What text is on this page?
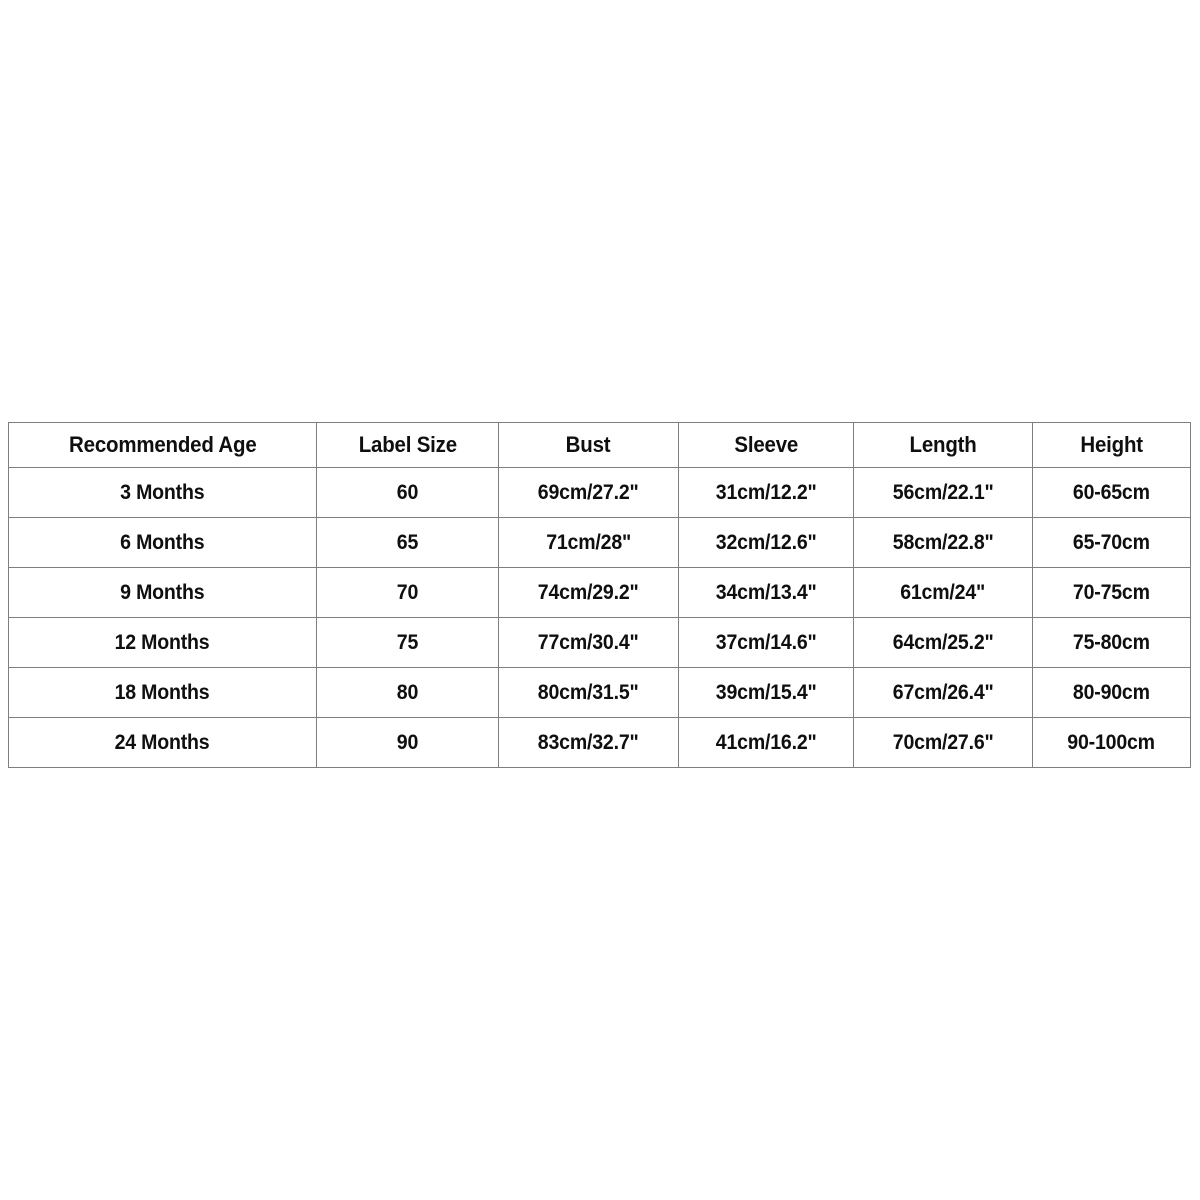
Recommended Age	Label Size	Bust	Sleeve	Length	Height
3 Months	60	69cm/27.2"	31cm/12.2"	56cm/22.1"	60-65cm
6 Months	65	71cm/28"	32cm/12.6"	58cm/22.8"	65-70cm
9 Months	70	74cm/29.2"	34cm/13.4"	61cm/24"	70-75cm
12 Months	75	77cm/30.4"	37cm/14.6"	64cm/25.2"	75-80cm
18 Months	80	80cm/31.5"	39cm/15.4"	67cm/26.4"	80-90cm
24 Months	90	83cm/32.7"	41cm/16.2"	70cm/27.6"	90-100cm
